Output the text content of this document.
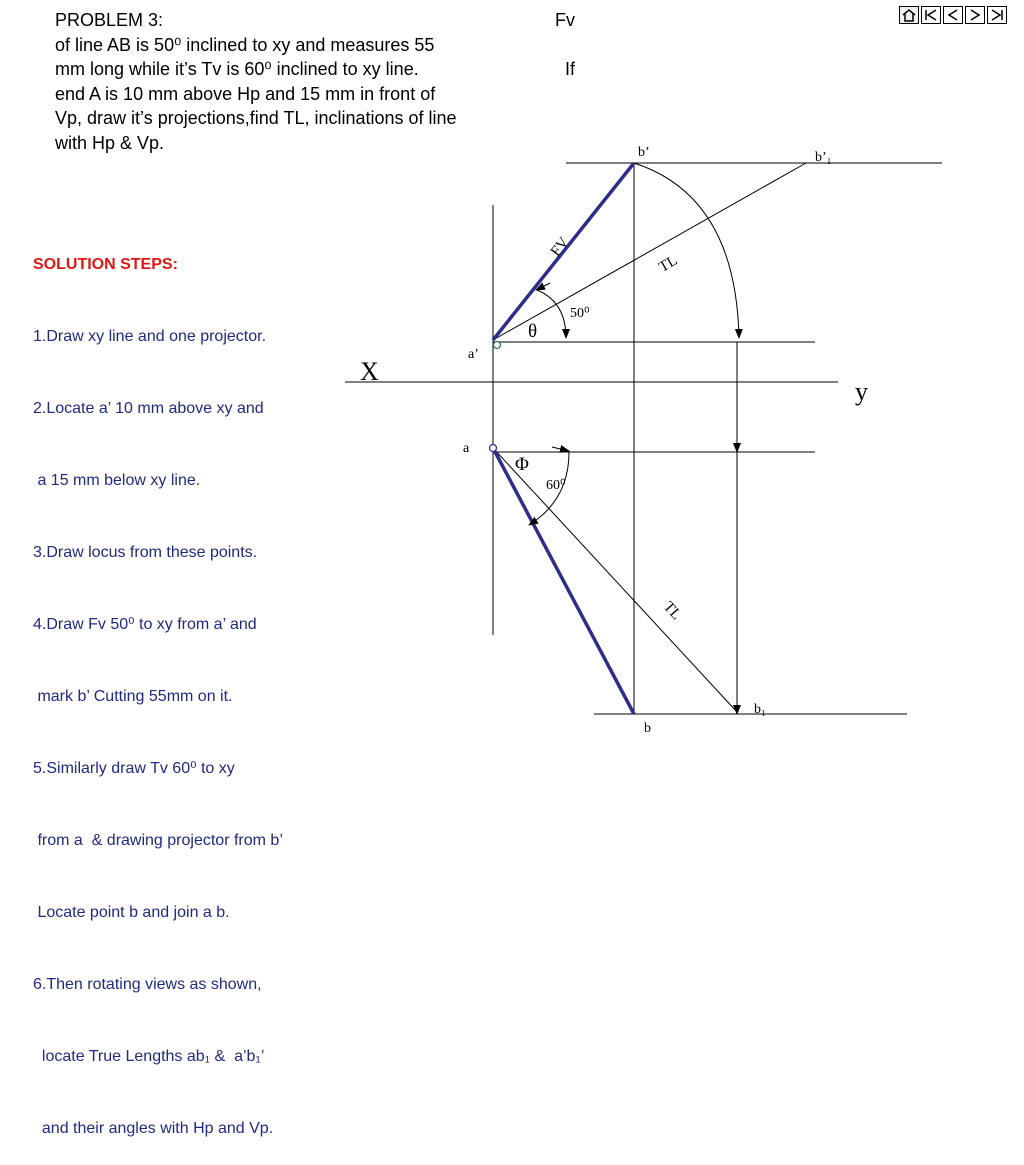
PROBLEM 3:	Fv
of line AB is 50⁰ inclined to xy and measures 55
mm long while it’s Tv is 60⁰ inclined to xy line.	If
end A is 10 mm above Hp and 15 mm in front of
Vp, draw it’s projections,find TL, inclinations of line
with Hp & Vp.

SOLUTION STEPS:

1.Draw xy line and one projector.

2.Locate a’ 10 mm above xy and

a 15 mm below xy line.

3.Draw locus from these points.

4.Draw Fv 50⁰ to xy from a’ and

mark b’ Cutting 55mm on it.

5.Similarly draw Tv 60⁰ to xy

from a  & drawing projector from b’

Locate point b and join a b.

6.Then rotating views as shown,

locate True Lengths ab₁ &  a’b₁’

and their angles with Hp and Vp.

X
y
a’
b’	b’₁
a
b
b₁
FV
TL
TL
θ
Φ
50⁰
60⁰
